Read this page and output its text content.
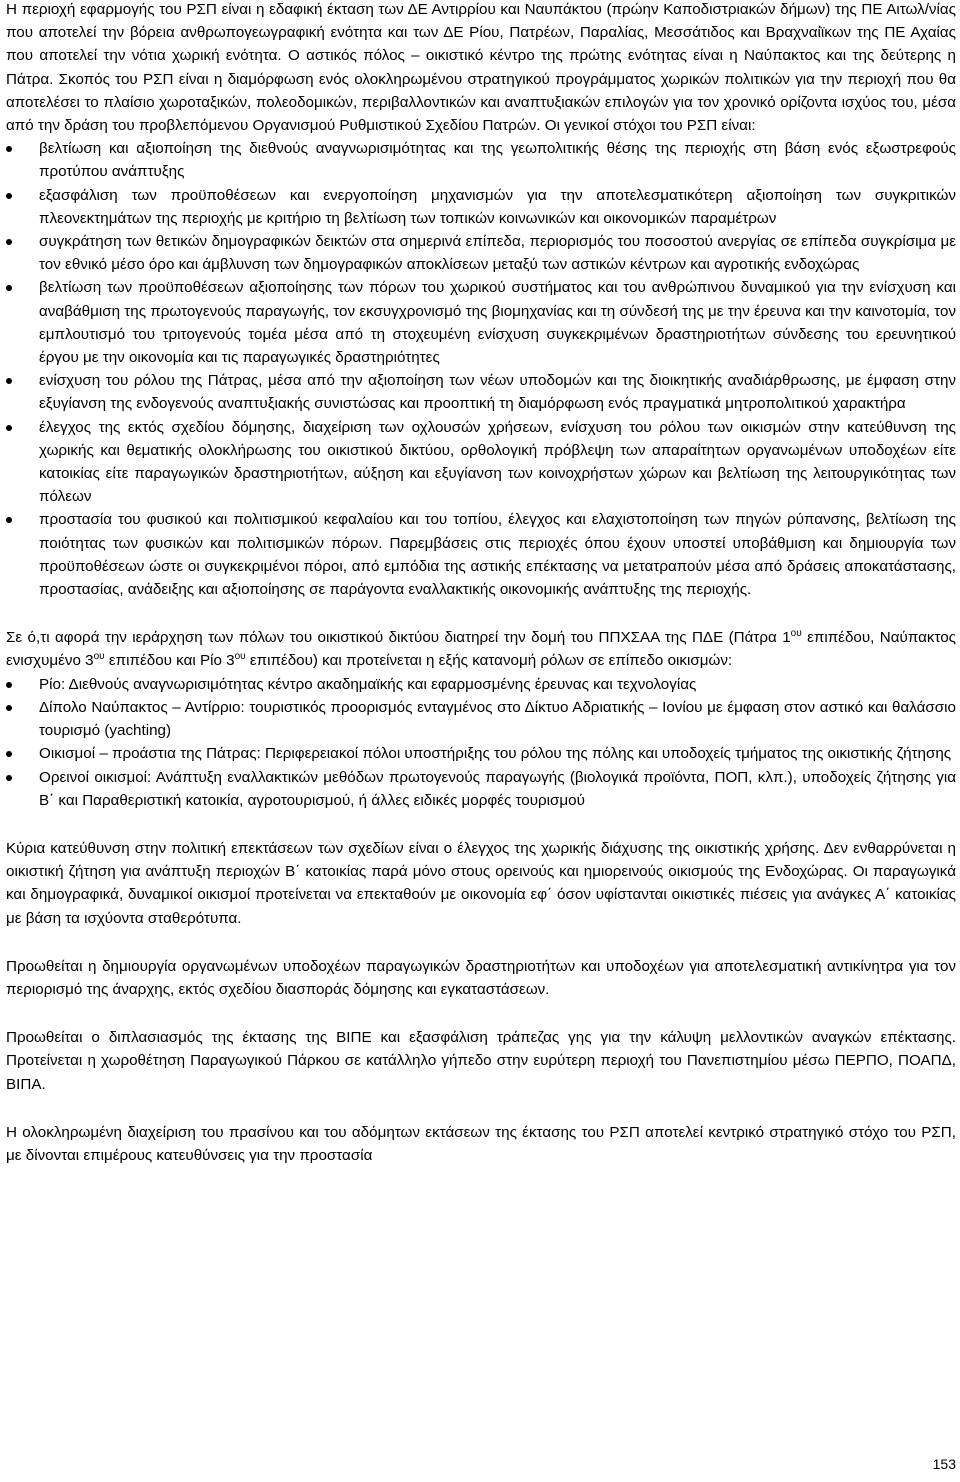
Η περιοχή εφαρμογής του ΡΣΠ είναι η εδαφική έκταση των ΔΕ Αντιρρίου και Ναυπάκτου (πρώην Καποδιστριακών δήμων) της ΠΕ Αιτωλ/νίας που αποτελεί την βόρεια ανθρωπογεωγραφική ενότητα και των ΔΕ Ρίου, Πατρέων, Παραλίας, Μεσσάτιδος και Βραχναίϊκων της ΠΕ Αχαίας που αποτελεί την νότια χωρική ενότητα. Ο αστικός πόλος – οικιστικό κέντρο της πρώτης ενότητας είναι η Ναύπακτος και της δεύτερης η Πάτρα. Σκοπός του ΡΣΠ είναι η διαμόρφωση ενός ολοκληρωμένου στρατηγικού προγράμματος χωρικών πολιτικών για την περιοχή που θα αποτελέσει το πλαίσιο χωροταξικών, πολεοδομικών, περιβαλλοντικών και αναπτυξιακών επιλογών για τον χρονικό ορίζοντα ισχύος του, μέσα από την δράση του προβλεπόμενου Οργανισμού Ρυθμιστικού Σχεδίου Πατρών. Οι γενικοί στόχοι του ΡΣΠ είναι:

βελτίωση και αξιοποίηση της διεθνούς αναγνωρισιμότητας και της γεωπολιτικής θέσης της περιοχής στη βάση ενός εξωστρεφούς προτύπου ανάπτυξης
εξασφάλιση των προϋποθέσεων και ενεργοποίηση μηχανισμών για την αποτελεσματικότερη αξιοποίηση των συγκριτικών πλεονεκτημάτων της περιοχής με κριτήριο τη βελτίωση των τοπικών κοινωνικών και οικονομικών παραμέτρων
συγκράτηση των θετικών δημογραφικών δεικτών στα σημερινά επίπεδα, περιορισμός του ποσοστού ανεργίας σε επίπεδα συγκρίσιμα με τον εθνικό μέσο όρο και άμβλυνση των δημογραφικών αποκλίσεων μεταξύ των αστικών κέντρων και αγροτικής ενδοχώρας
βελτίωση των προϋποθέσεων αξιοποίησης των πόρων του χωρικού συστήματος και του ανθρώπινου δυναμικού για την ενίσχυση και αναβάθμιση της πρωτογενούς παραγωγής, τον εκσυγχρονισμό της βιομηχανίας και τη σύνδεσή της με την έρευνα και την καινοτομία, τον εμπλουτισμό του τριτογενούς τομέα μέσα από τη στοχευμένη ενίσχυση συγκεκριμένων δραστηριοτήτων σύνδεσης του ερευνητικού έργου με την οικονομία και τις παραγωγικές δραστηριότητες
ενίσχυση του ρόλου της Πάτρας, μέσα από την αξιοποίηση των νέων υποδομών και της διοικητικής αναδιάρθρωσης, με έμφαση στην εξυγίανση της ενδογενούς αναπτυξιακής συνιστώσας και προοπτική τη διαμόρφωση ενός πραγματικά μητροπολιτικού χαρακτήρα
έλεγχος της εκτός σχεδίου δόμησης, διαχείριση των οχλουσών χρήσεων, ενίσχυση του ρόλου των οικισμών στην κατεύθυνση της χωρικής και θεματικής ολοκλήρωσης του οικιστικού δικτύου, ορθολογική πρόβλεψη των απαραίτητων οργανωμένων υποδοχέων είτε κατοικίας είτε παραγωγικών δραστηριοτήτων, αύξηση και εξυγίανση των κοινοχρήστων χώρων και βελτίωση της λειτουργικότητας των πόλεων
προστασία του φυσικού και πολιτισμικού κεφαλαίου και του τοπίου, έλεγχος και ελαχιστοποίηση των πηγών ρύπανσης, βελτίωση της ποιότητας των φυσικών και πολιτισμικών πόρων. Παρεμβάσεις στις περιοχές όπου έχουν υποστεί υποβάθμιση και δημιουργία των προϋποθέσεων ώστε οι συγκεκριμένοι πόροι, από εμπόδια της αστικής επέκτασης να μετατραπούν μέσα από δράσεις αποκατάστασης, προστασίας, ανάδειξης και αξιοποίησης σε παράγοντα εναλλακτικής οικονομικής ανάπτυξης της περιοχής.

Σε ό,τι αφορά την ιεράρχηση των πόλων του οικιστικού δικτύου διατηρεί την δομή του ΠΠΧΣΑΑ της ΠΔΕ (Πάτρα $1^{o\upsilon}$ επιπέδου, Ναύπακτος ενισχυμένο $3^{o\upsilon}$ επιπέδου και Ρίο $3^{o\upsilon}$ επιπέδου) και προτείνεται η εξής κατανομή ρόλων σε επίπεδο οικισμών:

Ρίο: Διεθνούς αναγνωρισιμότητας κέντρο ακαδημαϊκής και εφαρμοσμένης έρευνας και τεχνολογίας
Δίπολο Ναύπακτος – Αντίρριο: τουριστικός προορισμός ενταγμένος στο Δίκτυο Αδριατικής – Ιονίου με έμφαση στον αστικό και θαλάσσιο τουρισμό (yachting)
Οικισμοί – προάστια της Πάτρας: Περιφερειακοί πόλοι υποστήριξης του ρόλου της πόλης και υποδοχείς τμήματος της οικιστικής ζήτησης
Ορεινοί οικισμοί: Ανάπτυξη εναλλακτικών μεθόδων πρωτογενούς παραγωγής (βιολογικά προϊόντα, ΠΟΠ, κλπ.), υποδοχείς ζήτησης για Β΄ και Παραθεριστική κατοικία, αγροτουρισμού, ή άλλες ειδικές μορφές τουρισμού

Κύρια κατεύθυνση στην πολιτική επεκτάσεων των σχεδίων είναι ο έλεγχος της χωρικής διάχυσης της οικιστικής χρήσης. Δεν ενθαρρύνεται η οικιστική ζήτηση για ανάπτυξη περιοχών Β΄ κατοικίας παρά μόνο στους ορεινούς και ημιορεινούς οικισμούς της Ενδοχώρας. Οι παραγωγικά και δημογραφικά, δυναμικοί οικισμοί προτείνεται να επεκταθούν με οικονομία εφ΄ όσον υφίστανται οικιστικές πιέσεις για ανάγκες Α΄ κατοικίας με βάση τα ισχύοντα σταθερότυπα.

Προωθείται η δημιουργία οργανωμένων υποδοχέων παραγωγικών δραστηριοτήτων και υποδοχέων για αποτελεσματική αντικίνητρα για τον περιορισμό της άναρχης, εκτός σχεδίου διασποράς δόμησης και εγκαταστάσεων.

Προωθείται ο διπλασιασμός της έκτασης της ΒΙΠΕ και εξασφάλιση τράπεζας γης για την κάλυψη μελλοντικών αναγκών επέκτασης. Προτείνεται η χωροθέτηση Παραγωγικού Πάρκου σε κατάλληλο γήπεδο στην ευρύτερη περιοχή του Πανεπιστημίου μέσω ΠΕΡΠΟ, ΠΟΑΠΔ, ΒΙΠΑ.

Η ολοκληρωμένη διαχείριση του πρασίνου και του αδόμητων εκτάσεων της έκτασης του ΡΣΠ αποτελεί κεντρικό στρατηγικό στόχο του ΡΣΠ, με δίνονται επιμέρους κατευθύνσεις για την προστασία

153
